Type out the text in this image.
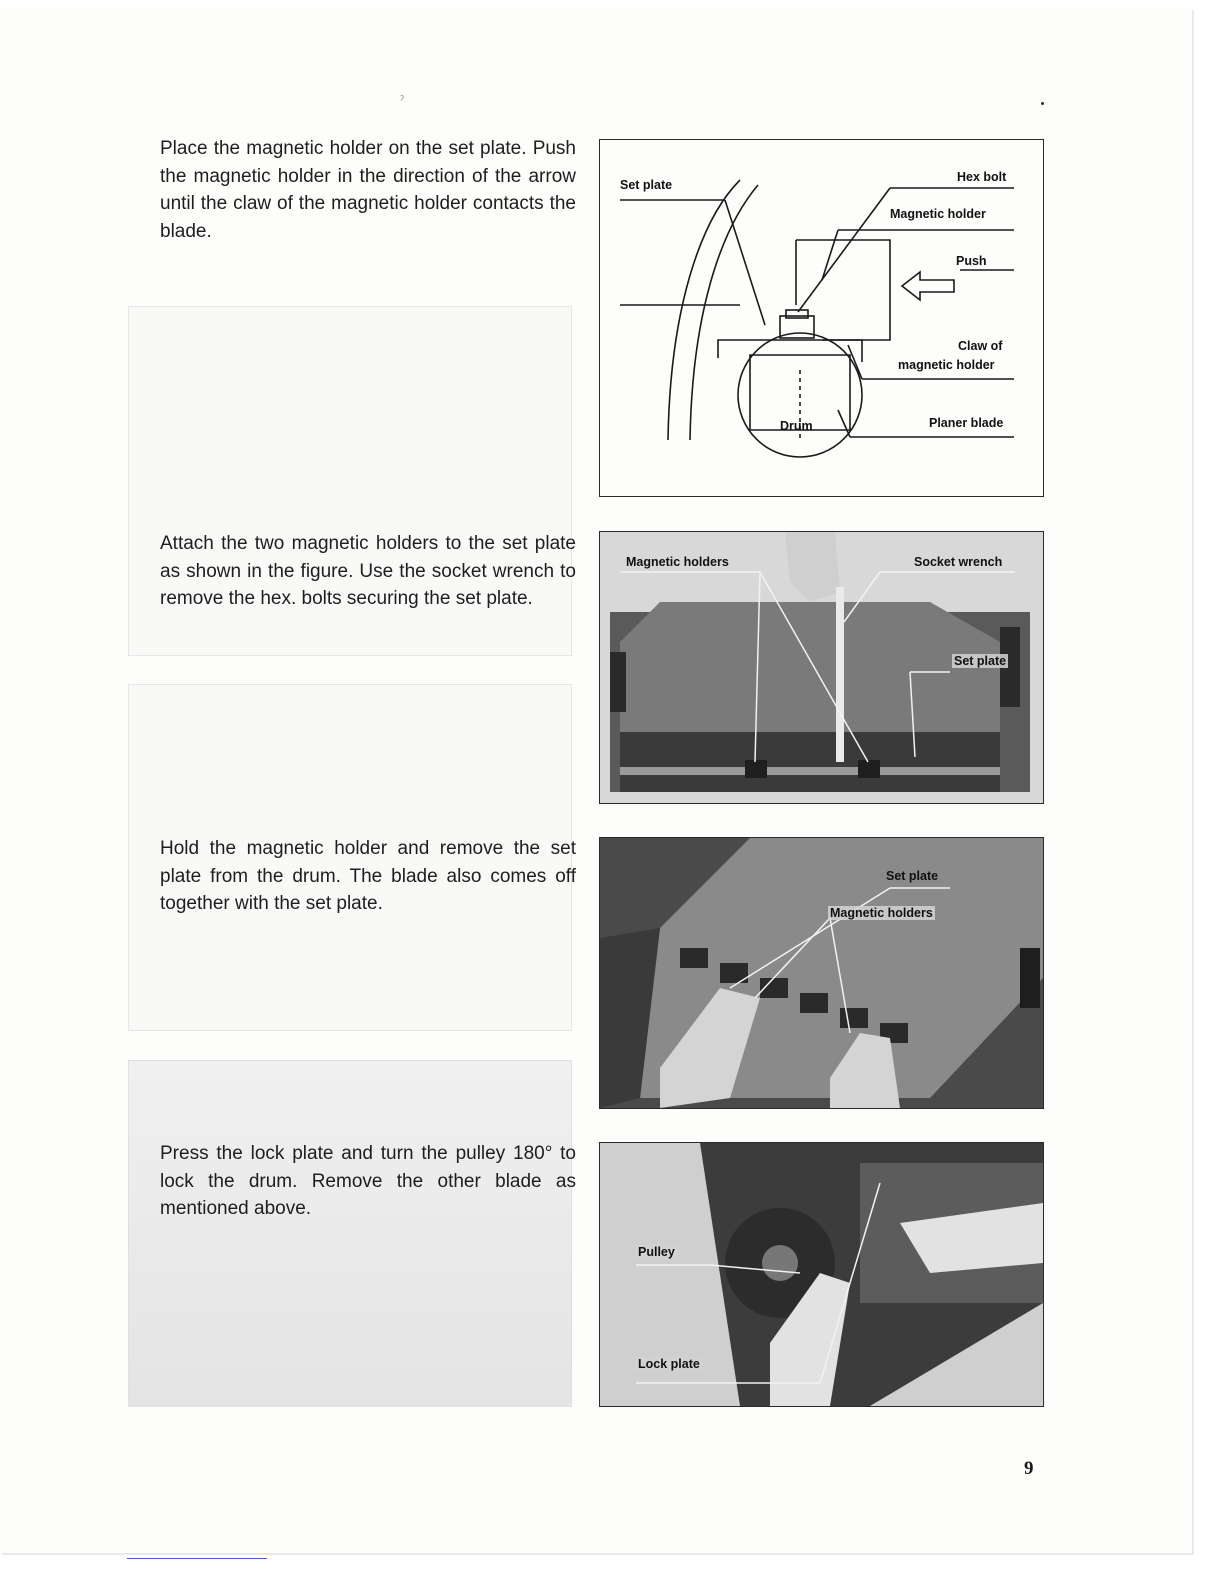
ˀ

Place the magnetic holder on the set plate. Push the magnetic holder in the direction of the arrow until the claw of the magnetic holder contacts the blade.

Attach the two magnetic holders to the set plate as shown in the figure. Use the socket wrench to remove the hex. bolts securing the set plate.

Hold the magnetic holder and remove the set plate from the drum. The blade also comes off together with the set plate.

Press the lock plate and turn the pulley 180° to lock the drum. Remove the other blade as mentioned above.

Set plate
Hex bolt
Magnetic holder
Push
Claw of
magnetic holder
Drum	Planer blade
Magnetic holders	Socket wrench
Set plate
Set plate
Magnetic holders
Pulley
Lock plate
9
